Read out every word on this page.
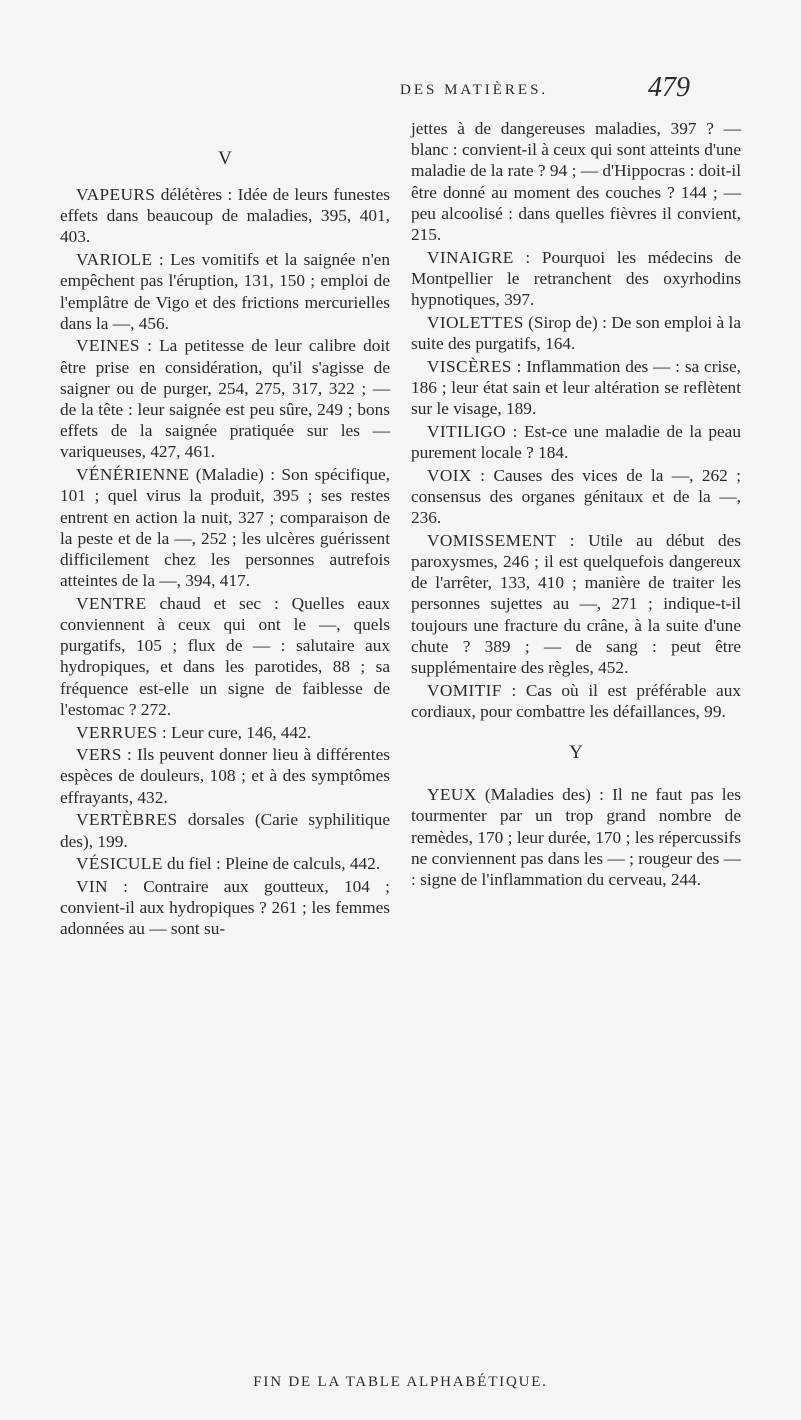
DES MATIÈRES.	479
V

VAPEURS délétères : Idée de leurs funestes effets dans beaucoup de maladies, 395, 401, 403.

VARIOLE : Les vomitifs et la saignée n'en empêchent pas l'éruption, 131, 150 ; emploi de l'emplâtre de Vigo et des frictions mercurielles dans la —, 456.

VEINES : La petitesse de leur calibre doit être prise en considération, qu'il s'agisse de saigner ou de purger, 254, 275, 317, 322 ; — de la tête : leur saignée est peu sûre, 249 ; bons effets de la saignée pratiquée sur les — variqueuses, 427, 461.

VÉNÉRIENNE (Maladie) : Son spécifique, 101 ; quel virus la produit, 395 ; ses restes entrent en action la nuit, 327 ; comparaison de la peste et de la —, 252 ; les ulcères guérissent difficilement chez les personnes autrefois atteintes de la —, 394, 417.

VENTRE chaud et sec : Quelles eaux conviennent à ceux qui ont le —, quels purgatifs, 105 ; flux de — : salutaire aux hydropiques, et dans les parotides, 88 ; sa fréquence est-elle un signe de faiblesse de l'estomac ? 272.

VERRUES : Leur cure, 146, 442.

VERS : Ils peuvent donner lieu à différentes espèces de douleurs, 108 ; et à des symptômes effrayants, 432.

VERTÈBRES dorsales (Carie syphilitique des), 199.

VÉSICULE du fiel : Pleine de calculs, 442.

VIN : Contraire aux goutteux, 104 ; convient-il aux hydropiques ? 261 ; les femmes adonnées au — sont su-

jettes à de dangereuses maladies, 397 ? — blanc : convient-il à ceux qui sont atteints d'une maladie de la rate ? 94 ; — d'Hippocras : doit-il être donné au moment des couches ? 144 ; — peu alcoolisé : dans quelles fièvres il convient, 215.

VINAIGRE : Pourquoi les médecins de Montpellier le retranchent des oxyrhodins hypnotiques, 397.

VIOLETTES (Sirop de) : De son emploi à la suite des purgatifs, 164.

VISCÈRES : Inflammation des — : sa crise, 186 ; leur état sain et leur altération se reflètent sur le visage, 189.

VITILIGO : Est-ce une maladie de la peau purement locale ? 184.

VOIX : Causes des vices de la —, 262 ; consensus des organes génitaux et de la —, 236.

VOMISSEMENT : Utile au début des paroxysmes, 246 ; il est quelquefois dangereux de l'arrêter, 133, 410 ; manière de traiter les personnes sujettes au —, 271 ; indique-t-il toujours une fracture du crâne, à la suite d'une chute ? 389 ; — de sang : peut être supplémentaire des règles, 452.

VOMITIF : Cas où il est préférable aux cordiaux, pour combattre les défaillances, 99.

Y

YEUX (Maladies des) : Il ne faut pas les tourmenter par un trop grand nombre de remèdes, 170 ; leur durée, 170 ; les répercussifs ne conviennent pas dans les — ; rougeur des — : signe de l'inflammation du cerveau, 244.

FIN DE LA TABLE ALPHABÉTIQUE.
